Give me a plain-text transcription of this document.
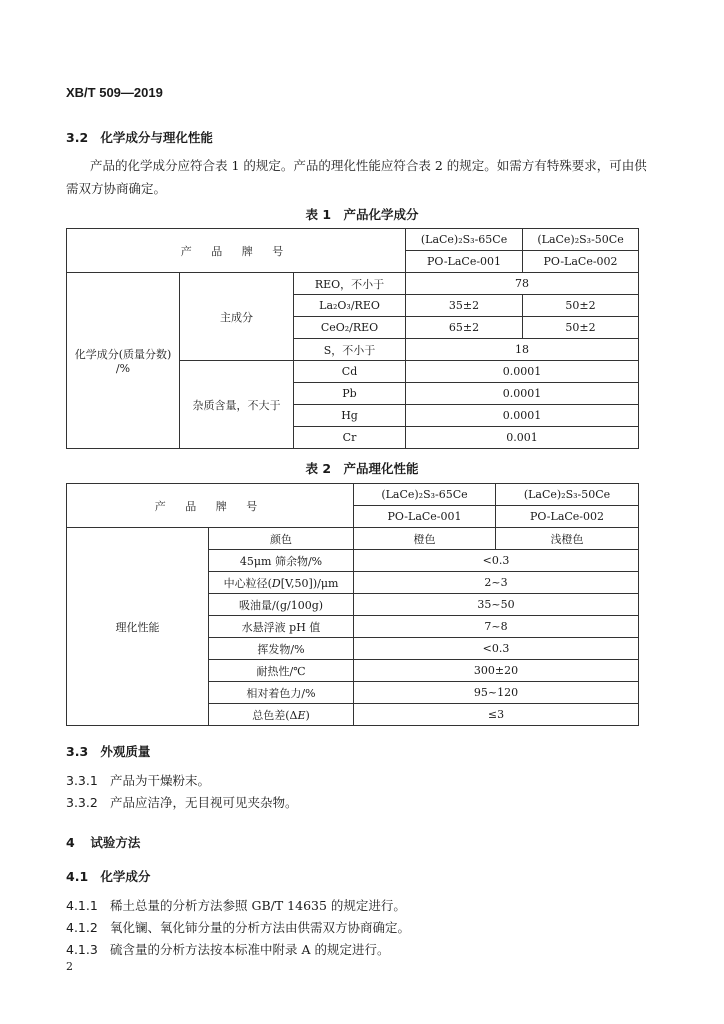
XB/T 509—2019
3.2 化学成分与理化性能
产品的化学成分应符合表 1 的规定。产品的理化性能应符合表 2 的规定。如需方有特殊要求，可由供需双方协商确定。
表 1　产品化学成分
产 品 牌 号			(LaCe)₂S₃-65Ce	(LaCe)₂S₃-50Ce
			PO-LaCe-001	PO-LaCe-002

化学成分(质量分数)
/%	主成分	REO，不小于	78	
		La₂O₃/REO	35±2	50±2
		CeO₂/REO	65±2	50±2
		S，不小于	18	
	杂质含量，不大于	Cd	0.0001	
		Pb	0.0001	
		Hg	0.0001	
		Cr	0.001	
表 2　产品理化性能
产 品 牌 号		(LaCe)₂S₃-65Ce	(LaCe)₂S₃-50Ce
		PO-LaCe-001	PO-LaCe-002
理化性能	颜色	橙色	浅橙色
	45μm 筛余物/%	<0.3	
	中心粒径(D[V,50])/μm	2~3	
	吸油量/(g/100g)	35~50	
	水悬浮液 pH 值	7~8	
	挥发物/%	<0.3	
	耐热性/℃	300±20	
	相对着色力/%	95~120	
	总色差(ΔE)	≤3	
3.3 外观质量
3.3.1 产品为干燥粉末。
3.3.2 产品应洁净，无目视可见夹杂物。
4 试验方法
4.1 化学成分
4.1.1 稀土总量的分析方法参照 GB/T 14635 的规定进行。
4.1.2 氧化镧、氧化铈分量的分析方法由供需双方协商确定。
4.1.3 硫含量的分析方法按本标准中附录 A 的规定进行。
2
